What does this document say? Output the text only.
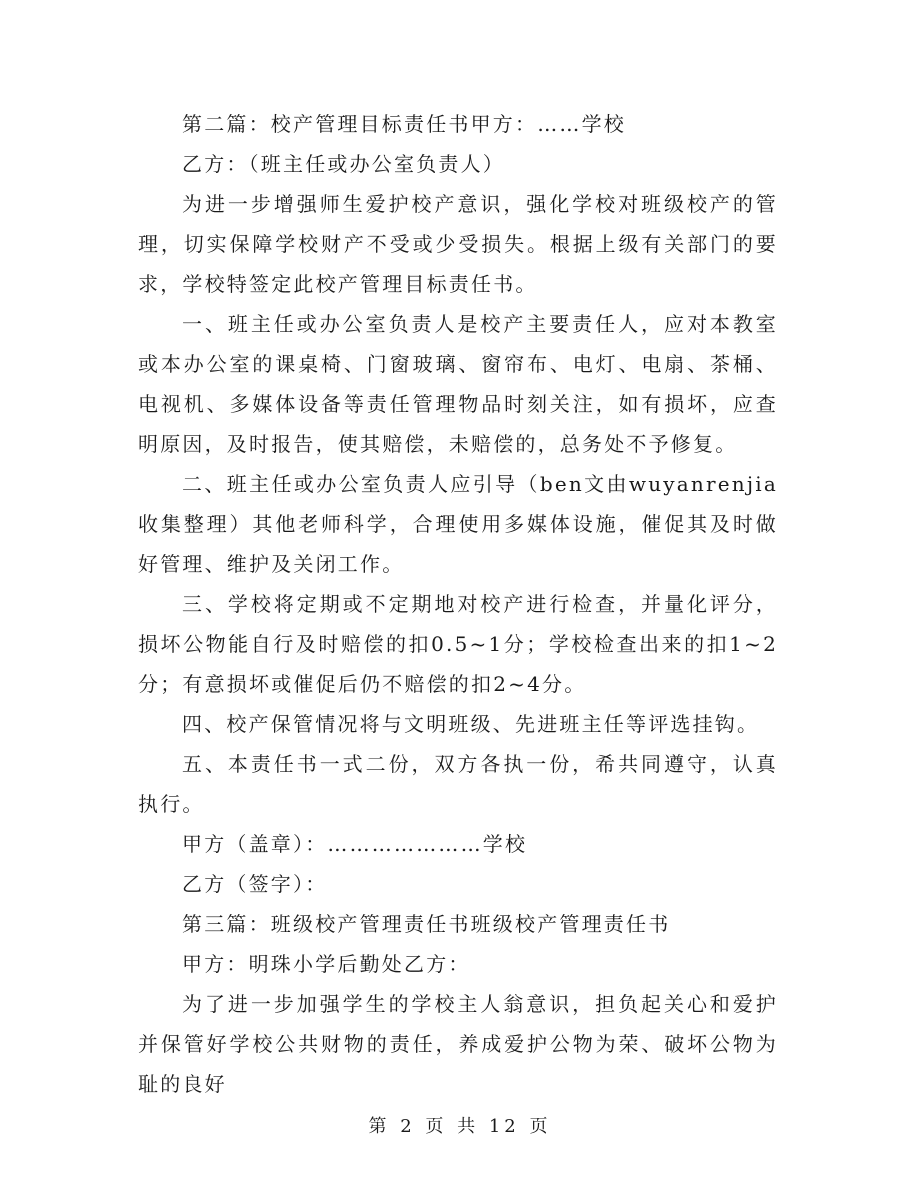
第二篇：校产管理目标责任书甲方：……学校

乙方：（班主任或办公室负责人）

为进一步增强师生爱护校产意识，强化学校对班级校产的管理，切实保障学校财产不受或少受损失。根据上级有关部门的要求，学校特签定此校产管理目标责任书。

一、班主任或办公室负责人是校产主要责任人，应对本教室或本办公室的课桌椅、门窗玻璃、窗帘布、电灯、电扇、茶桶、电视机、多媒体设备等责任管理物品时刻关注，如有损坏，应查明原因，及时报告，使其赔偿，未赔偿的，总务处不予修复。

二、班主任或办公室负责人应引导（ben文由wuyanrenjia收集整理）其他老师科学，合理使用多媒体设施，催促其及时做好管理、维护及关闭工作。

三、学校将定期或不定期地对校产进行检查，并量化评分，损坏公物能自行及时赔偿的扣0.5~1分；学校检查出来的扣1~2分；有意损坏或催促后仍不赔偿的扣2~4分。

四、校产保管情况将与文明班级、先进班主任等评选挂钩。

五、本责任书一式二份，双方各执一份，希共同遵守，认真执行。

甲方（盖章）：…………………学校

乙方（签字）：

第三篇：班级校产管理责任书班级校产管理责任书

甲方：明珠小学后勤处乙方：

为了进一步加强学生的学校主人翁意识，担负起关心和爱护并保管好学校公共财物的责任，养成爱护公物为荣、破坏公物为耻的良好

第 2 页 共 12 页
